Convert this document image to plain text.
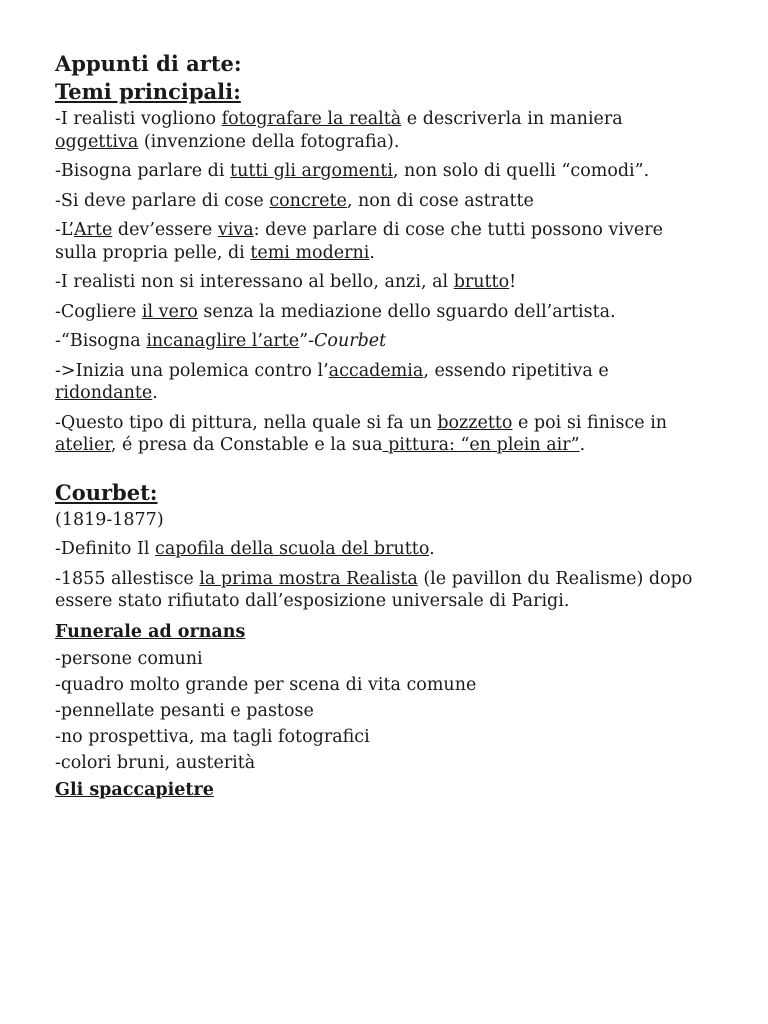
Appunti di arte:
Temi principali:

-I realisti vogliono fotografare la realtà e descriverla in maniera oggettiva (invenzione della fotografia).

-Bisogna parlare di tutti gli argomenti, non solo di quelli “comodi”.

-Si deve parlare di cose concrete, non di cose astratte

-L’Arte dev’essere viva: deve parlare di cose che tutti possono vivere sulla propria pelle, di temi moderni.

-I realisti non si interessano al bello, anzi, al brutto!

-Cogliere il vero senza la mediazione dello sguardo dell’artista.

-“Bisogna incanaglire l’arte”-Courbet

->Inizia una polemica contro l’accademia, essendo ripetitiva e ridondante.

-Questo tipo di pittura, nella quale si fa un bozzetto e poi si finisce in atelier, é presa da Constable e la sua pittura: “en plein air”.

Courbet:

(1819-1877)

-Definito Il capofila della scuola del brutto.

-1855 allestisce la prima mostra Realista (le pavillon du Realisme) dopo essere stato rifiutato dall’esposizione universale di Parigi.

Funerale ad ornans
-persone comuni
-quadro molto grande per scena di vita comune
-pennellate pesanti e pastose
-no prospettiva, ma tagli fotografici
-colori bruni, austerità
Gli spaccapietre
